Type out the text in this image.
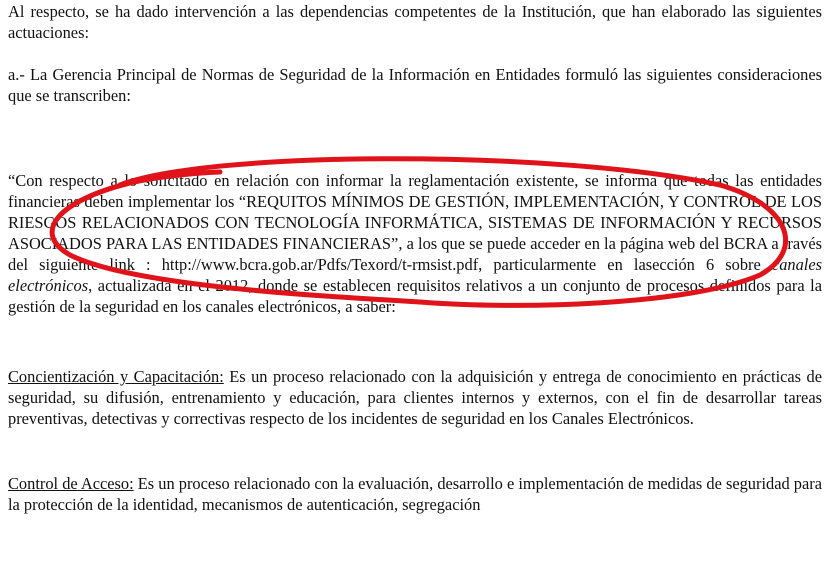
Al respecto, se ha dado intervención a las dependencias competentes de la Institución, que han elaborado las siguientes actuaciones:

a.- La Gerencia Principal de Normas de Seguridad de la Información en Entidades formuló las siguientes consideraciones que se transcriben:

“Con respecto a lo solicitado en relación con informar la reglamentación existente, se informa que todas las entidades financieras deben implementar los “REQUITOS MÍNIMOS DE GESTIÓN, IMPLEMENTACIÓN, Y CONTROL DE LOS RIESGOS RELACIONADOS CON TECNOLOGÍA INFORMÁTICA, SISTEMAS DE INFORMACIÓN Y RECURSOS ASOCIADOS PARA LAS ENTIDADES FINANCIERAS”, a los que se puede acceder en la página web del BCRA a través del siguiente link : http://www.bcra.gob.ar/Pdfs/Texord/t-rmsist.pdf, particularmente en lasección 6 sobre canales electrónicos, actualizada en el 2012, donde se establecen requisitos relativos a un conjunto de procesos definidos para la gestión de la seguridad en los canales electrónicos, a saber:

Concientización y Capacitación: Es un proceso relacionado con la adquisición y entrega de conocimiento en prácticas de seguridad, su difusión, entrenamiento y educación, para clientes internos y externos, con el fin de desarrollar tareas preventivas, detectivas y correctivas respecto de los incidentes de seguridad en los Canales Electrónicos.

Control de Acceso: Es un proceso relacionado con la evaluación, desarrollo e implementación de medidas de seguridad para la protección de la identidad, mecanismos de autenticación, segregación
